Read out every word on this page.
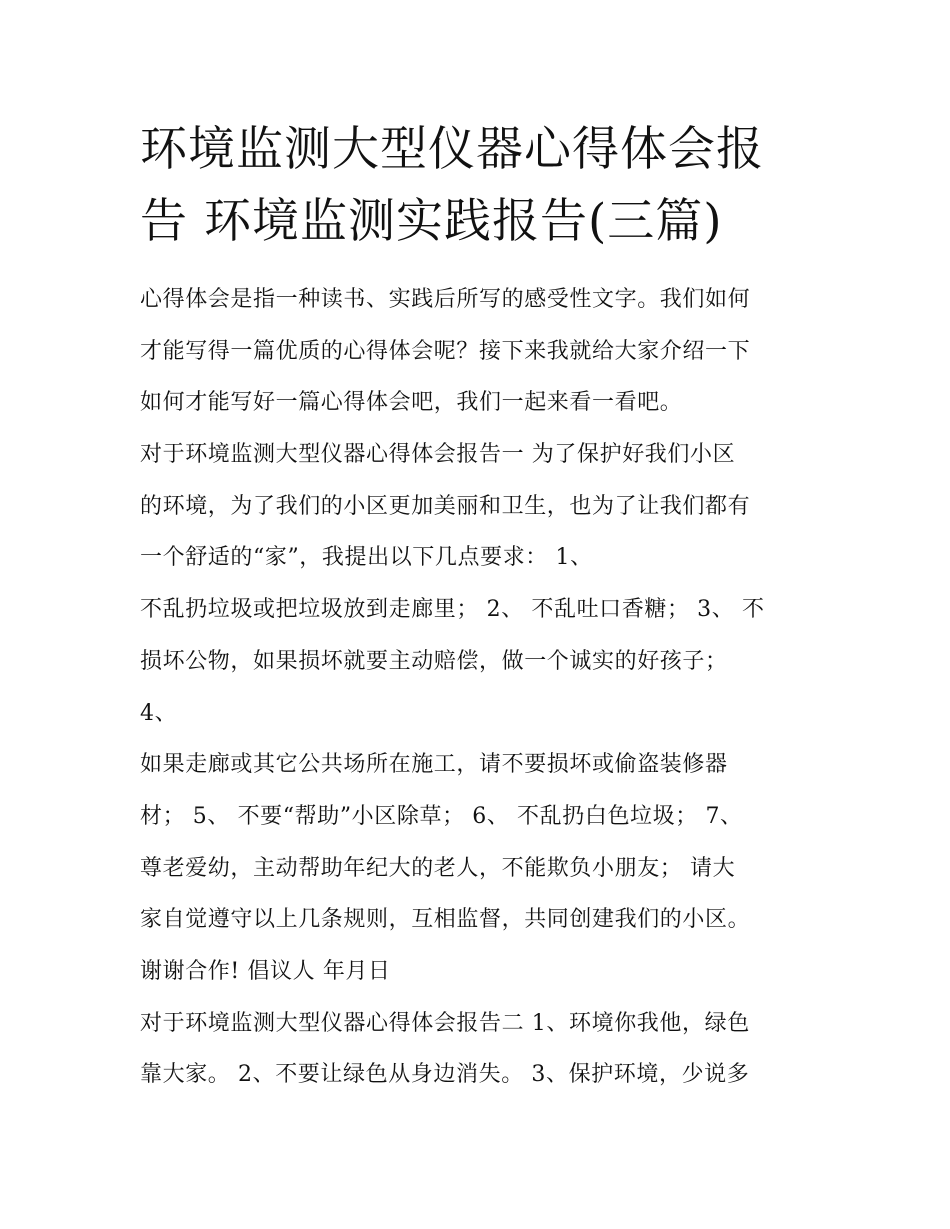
环境监测大型仪器心得体会报
告 环境监测实践报告(三篇)
心得体会是指一种读书、实践后所写的感受性文字。我们如何
才能写得一篇优质的心得体会呢？接下来我就给大家介绍一下
如何才能写好一篇心得体会吧，我们一起来看一看吧。
对于环境监测大型仪器心得体会报告一 为了保护好我们小区
的环境，为了我们的小区更加美丽和卫生，也为了让我们都有
一个舒适的“家”，我提出以下几点要求： 1、
不乱扔垃圾或把垃圾放到走廊里； 2、 不乱吐口香糖； 3、 不
损坏公物，如果损坏就要主动赔偿，做一个诚实的好孩子；
4、
如果走廊或其它公共场所在施工，请不要损坏或偷盗装修器
材； 5、 不要“帮助”小区除草； 6、 不乱扔白色垃圾； 7、
尊老爱幼，主动帮助年纪大的老人，不能欺负小朋友； 请大
家自觉遵守以上几条规则，互相监督，共同创建我们的小区。
谢谢合作! 倡议人 年月日
对于环境监测大型仪器心得体会报告二 1、环境你我他，绿色
靠大家。 2、不要让绿色从身边消失。 3、保护环境，少说多
